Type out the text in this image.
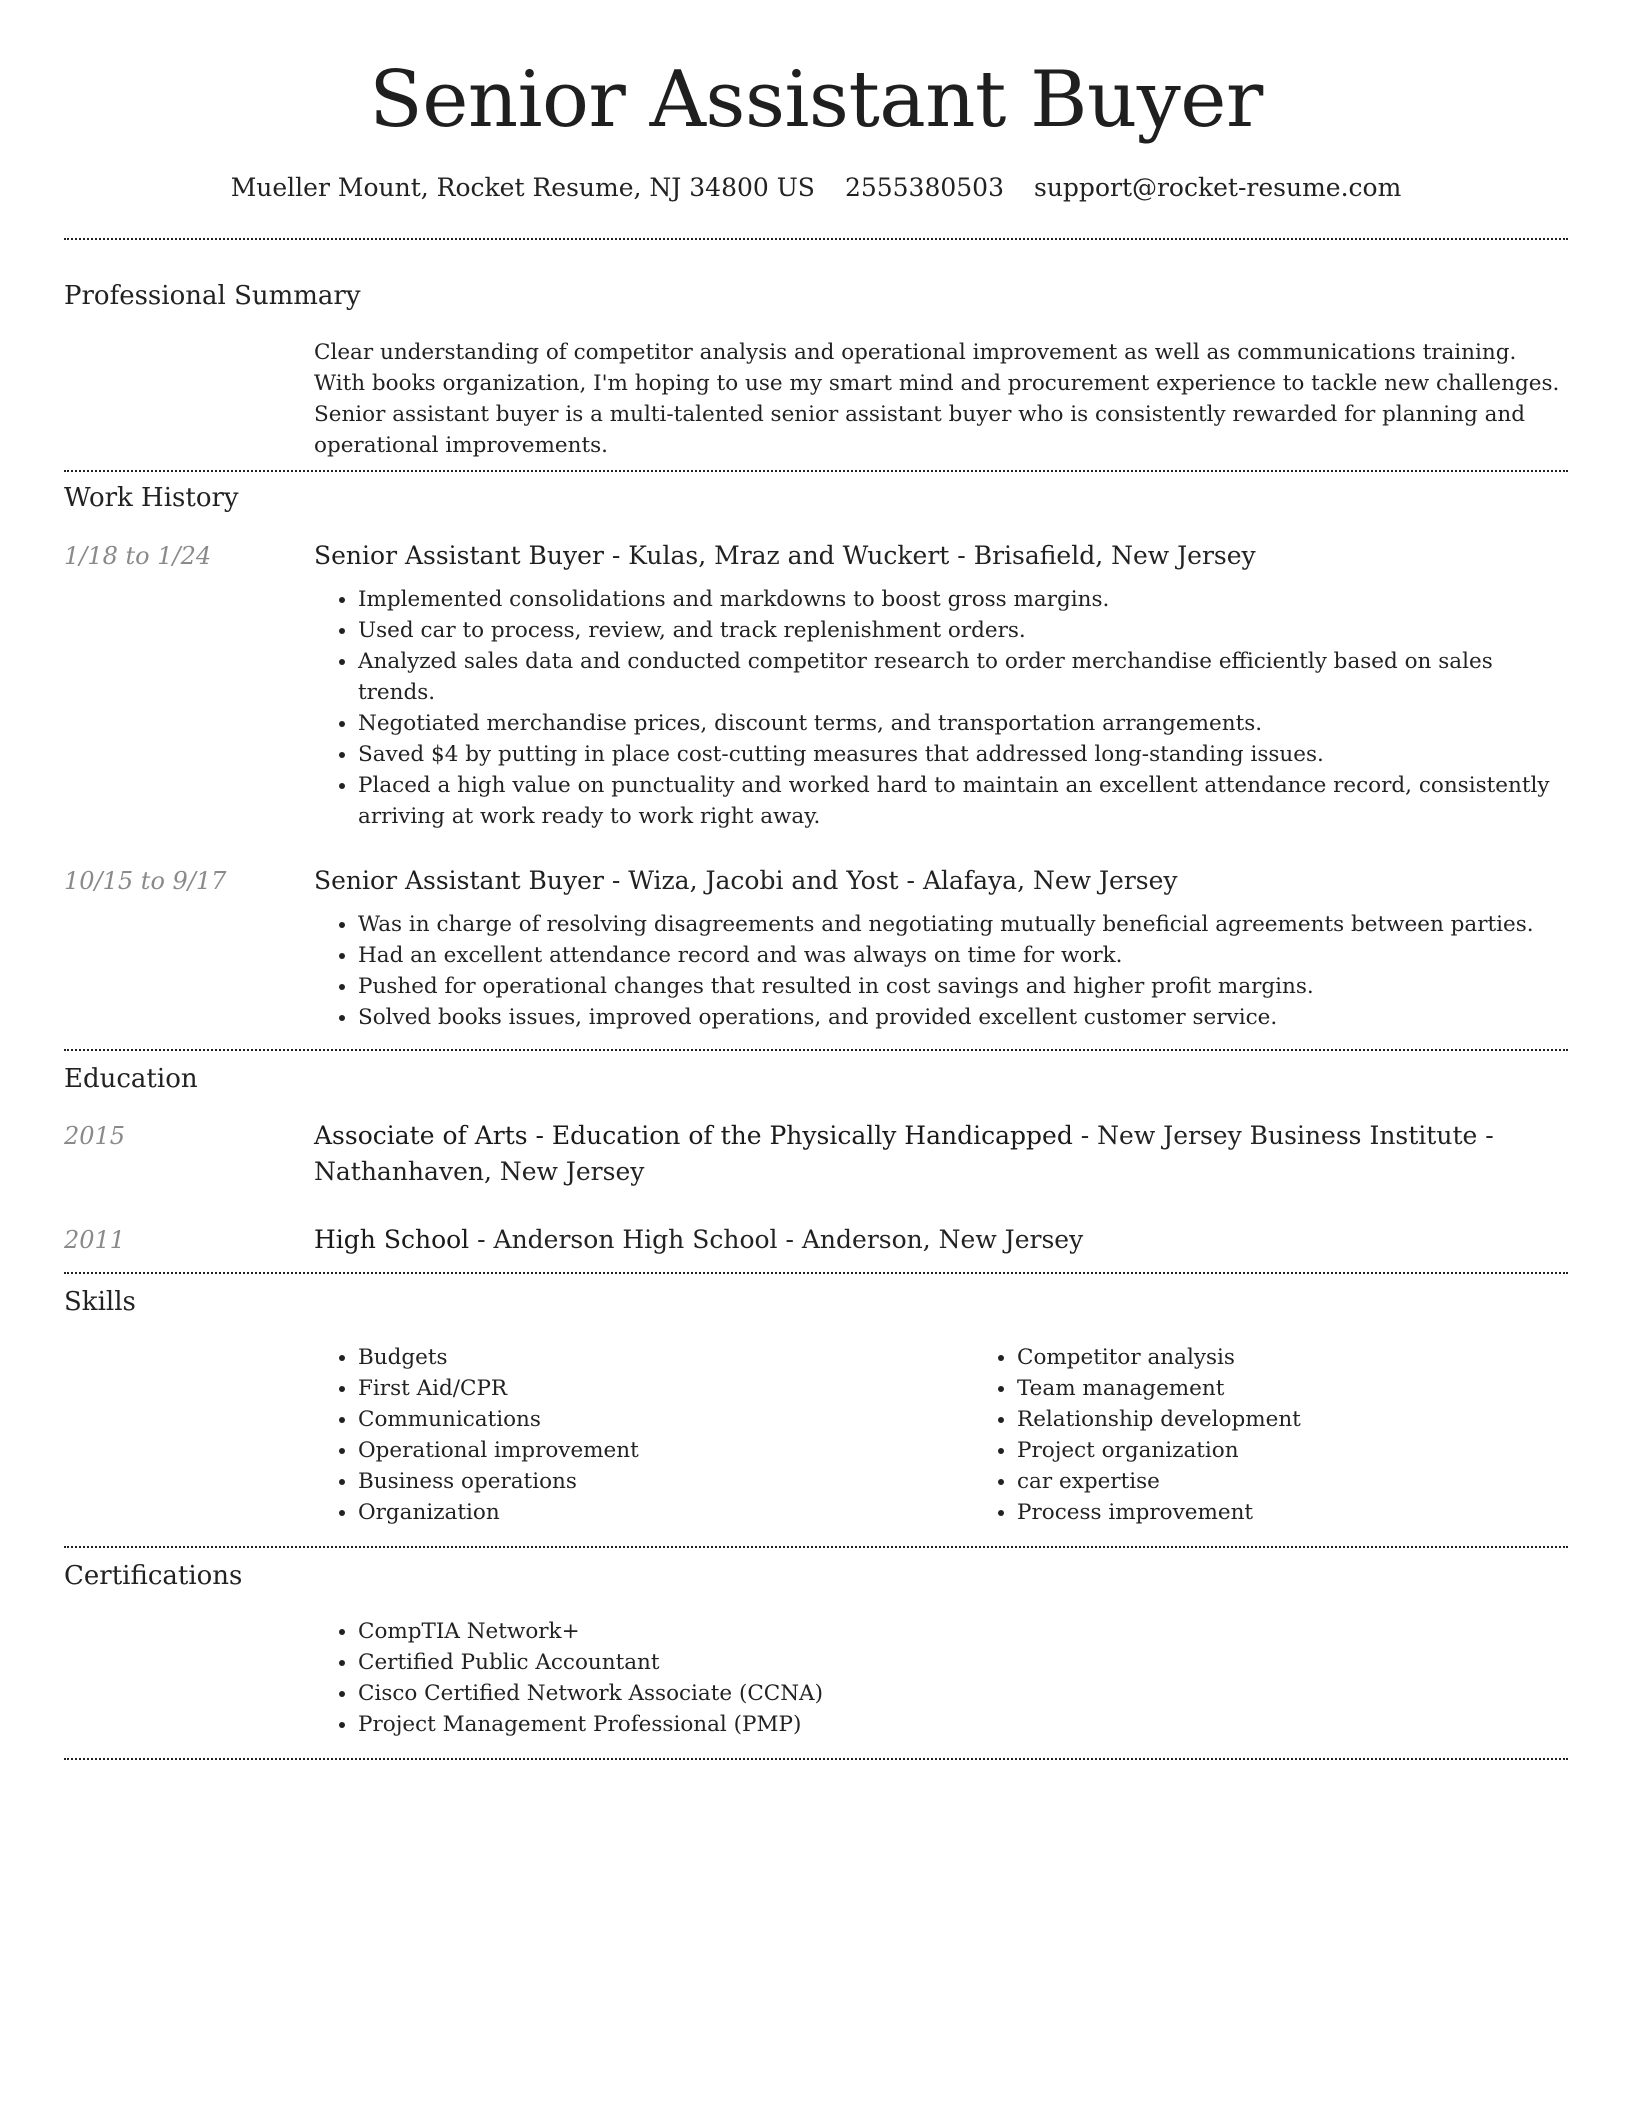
Senior Assistant Buyer
Mueller Mount, Rocket Resume, NJ 34800 US 2555380503 support@rocket-resume.com
Professional Summary

Clear understanding of competitor analysis and operational improvement as well as communications training. With books organization, I'm hoping to use my smart mind and procurement experience to tackle new challenges. Senior assistant buyer is a multi-talented senior assistant buyer who is consistently rewarded for planning and operational improvements.

Work History
1/18 to 1/24	Senior Assistant Buyer - Kulas, Mraz and Wuckert - Brisafield, New Jersey
• Implemented consolidations and markdowns to boost gross margins.
• Used car to process, review, and track replenishment orders.
• Analyzed sales data and conducted competitor research to order merchandise efficiently based on sales trends.
• Negotiated merchandise prices, discount terms, and transportation arrangements.
• Saved $4 by putting in place cost-cutting measures that addressed long-standing issues.
• Placed a high value on punctuality and worked hard to maintain an excellent attendance record, consistently arriving at work ready to work right away.
10/15 to 9/17	Senior Assistant Buyer - Wiza, Jacobi and Yost - Alafaya, New Jersey
• Was in charge of resolving disagreements and negotiating mutually beneficial agreements between parties.
• Had an excellent attendance record and was always on time for work.
• Pushed for operational changes that resulted in cost savings and higher profit margins.
• Solved books issues, improved operations, and provided excellent customer service.
Education
2015	Associate of Arts - Education of the Physically Handicapped - New Jersey Business Institute - Nathanhaven, New Jersey
2011	High School - Anderson High School - Anderson, New Jersey
Skills
• Budgets
• First Aid/CPR
• Communications
• Operational improvement
• Business operations
• Organization
• Competitor analysis
• Team management
• Relationship development
• Project organization
• car expertise
• Process improvement
Certifications
• CompTIA Network+
• Certified Public Accountant
• Cisco Certified Network Associate (CCNA)
• Project Management Professional (PMP)
